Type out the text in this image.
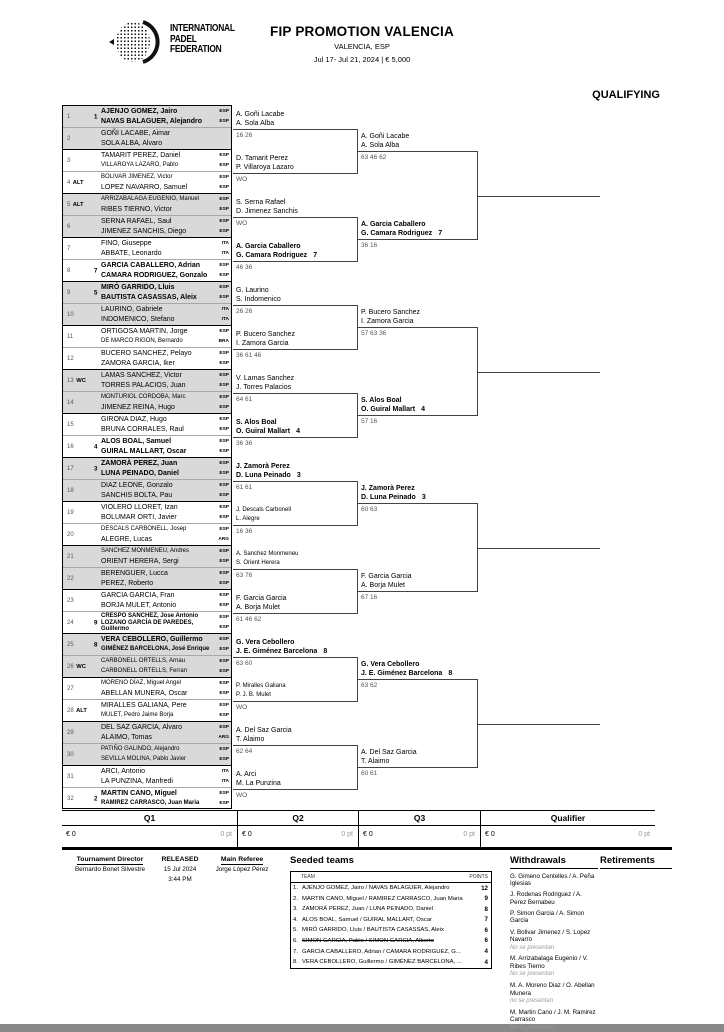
INTERNATIONAL
PADEL
FEDERATION
FIP PROMOTION VALENCIA
VALENCIA, ESP
Jul 17- Jul 21, 2024 | € 5,000
QUALIFYING
1	1
AJENJO GOMEZ, Jairo
NAVAS BALAGUER, Alejandro
ESP
ESP
2
GOÑI LACABE, Aimar
SOLA ALBA, Alvaro
3
TAMARIT PEREZ, Daniel
VILLAROYA LAZARO, Pablo
ESP
ESP
4 ALT
BOLIVAR JIMENEZ, Victor
LOPEZ NAVARRO, Samuel
ESP
ESP
5 ALT
ARRIZABALAGA EUGENIO, Manuel
RIBES TIERNO, Victor
ESP
ESP
6
SERNA RAFAEL, Saul
JIMENEZ SANCHIS, Diego
ESP
ESP
7
FINO, Giuseppe
ABBATE, Leonardo
ITA
ITA
8	7
GARCIA CABALLERO, Adrian
CAMARA RODRIGUEZ, Gonzalo
ESP
ESP
9	5
MIRÓ GARRIDO, Lluis
BAUTISTA CASASSAS, Aleix
ESP
ESP
10
LAURINO, Gabriele
INDOMENICO, Stefano
ITA
ITA
11
ORTIGOSA MARTIN, Jorge
DE MARCO RIGON, Bernardo
ESP
BRA
12
BUCERO SANCHEZ, Pelayo
ZAMORA GARCIA, Iker
ESP
ESP
13 WC
LAMAS SANCHEZ, Victor
TORRES PALACIOS, Juan
ESP
ESP
14
MONTURIOL CORDOBA, Marc
JIMENEZ REINA, Hugo
ESP
ESP
15
GIRONA DIAZ, Hugo
BRUNA CORRALES, Raul
ESP
ESP
16	4
ALOS BOAL, Samuel
GUIRAL MALLART, Oscar
ESP
ESP
17	3
ZAMORÀ PEREZ, Juan
LUNA PEINADO, Daniel
ESP
ESP
18
DIAZ LEONE, Gonzalo
SANCHIS BOLTA, Pau
ESP
ESP
19
VIOLERO LLORET, Izan
BOLUMAR ORTI, Javier
ESP
ESP
20
DESCALS CARBONELL, Josep
ALEGRE, Lucas
ESP
ARG
21
SANCHEZ MONMENEU, Andres
ORIENT HERERA, Sergi
ESP
ESP
22
BERENGUER, Lucca
PEREZ, Roberto
ESP
ESP
23
GARCIA GARCIA, Fran
BORJA MULET, Antonio
ESP
ESP
24	9
CRESPO SANCHEZ, Jose Antonio
LOZANO GARCÍA DE PAREDES,
Guillermo
ESP
ESP
25	8
VERA CEBOLLERO, Guillermo
GIMÉNEZ BARCELONA, José Enrique
ESP
ESP
26 WC
CARBONELL ORTELLS, Arnau
CARBONELL ORTELLS, Ferran
ESP
ESP
27
MORENO DÍAZ, Miguel Angel
ABELLAN MUNERA, Oscar
ESP
ESP
28 ALT
MIRALLES GALIANA, Pere
MULET, Pedro Jaime Borja
ESP
ESP
29
DEL SAZ GARCIA, Alvaro
ALAIMO, Tomas
ESP
ARG
30
PATIÑO GALINDO, Alejandro
SEVILLA MOLINA, Pablo Javier
ESP
ESP
31
ARCI, Antonio
LA PUNZINA, Manfredi
ITA
ITA
32	2
MARTIN CANO, Miguel
RAMIREZ CARRASCO, Juan Maria
ESP
ESP
A. Goñi Lacabe
A. Sola Alba
16 26
D. Tamarit Perez
P. Villaroya Lazaro
WO
S. Serna Rafael
D. Jimenez Sanchis
WO
A. Garcia Caballero
G. Camara Rodriguez 7
46 36
G. Laurino
S. Indomenico
26 26
P. Bucero Sanchez
I. Zamora Garcia
36 61 46
V. Lamas Sanchez
J. Torres Palacios
64 61
S. Alos Boal
O. Guiral Mallart 4
36 36
J. Zamorà Perez
D. Luna Peinado 3
61 61
J. Descals Carbonell
L. Alegre
16 36
A. Sanchez Monmeneu
S. Orient Herera
63 76
F. Garcia Garcia
A. Borja Mulet
61 46 62
G. Vera Cebollero
J. E. Giménez Barcelona 8
63 60
P. Miralles Galiana
P. J. B. Mulet
WO
A. Del Saz Garcia
T. Alaimo
62 64
A. Arci
M. La Punzina
WO
A. Goñi Lacabe
A. Sola Alba
63 46 62
A. Garcia Caballero
G. Camara Rodriguez 7
36 16
P. Bucero Sanchez
I. Zamora Garcia
57 63 36
S. Alos Boal
O. Guiral Mallart 4
57 16
J. Zamorà Perez
D. Luna Peinado 3
60 63
F. Garcia Garcia
A. Borja Mulet
67 16
G. Vera Cebollero
J. E. Giménez Barcelona 8
63 62
A. Del Saz Garcia
T. Alaimo
60 61
Q1
€ 0	0 pt
Q2
€ 0	0 pt
Q3
€ 0	0 pt
Qualifier
€ 0	0 pt
Tournament Director
Bernardo Bonet Silvestre
RELEASED
15 Jul 2024
3:44 PM
Main Referee
Jorge López Pérez
Seeded teams
TEAM	POINTS
1. AJENJO GOMEZ, Jairo / NAVAS BALAGUER, Alejandro	12
2. MARTIN CANO, Miguel / RAMIREZ CARRASCO, Juan Maria	9
3. ZAMORÁ PEREZ, Juan / LUNA PEINADO, Daniel	8
4. ALOS BOAL, Samuel / GUIRAL MALLART, Oscar	7
5. MIRÓ GARRIDO, Lluis / BAUTISTA CASASSAS, Aleix	6
6. SIMON GARCIA, Pablo / SIMON GARCIA, Alberto	6
7. GARCIA CABALLERO, Adrian / CAMARA RODRIGUEZ, G...	4
8. VERA CEBOLLERO, Guillermo / GIMÉNEZ BARCELONA, ...	4
Withdrawals
G. Gimeno Centelles / A. Peña Iglesias
J. Rodenas Rodriguez / A. Perez Bernabeu
P. Simon Garcia / A. Simon Garcia
V. Bolivar Jimenez / S. Lopez Navarro
No se presentan
M. Arrizabalaga Eugenio / V. Ribes Tierno
No se presentan
M. A. Moreno Diaz / O. Abellan Munera
no se presentan
M. Martin Cano / J. M. Ramirez Carrasco
No se presentan
Retirements
